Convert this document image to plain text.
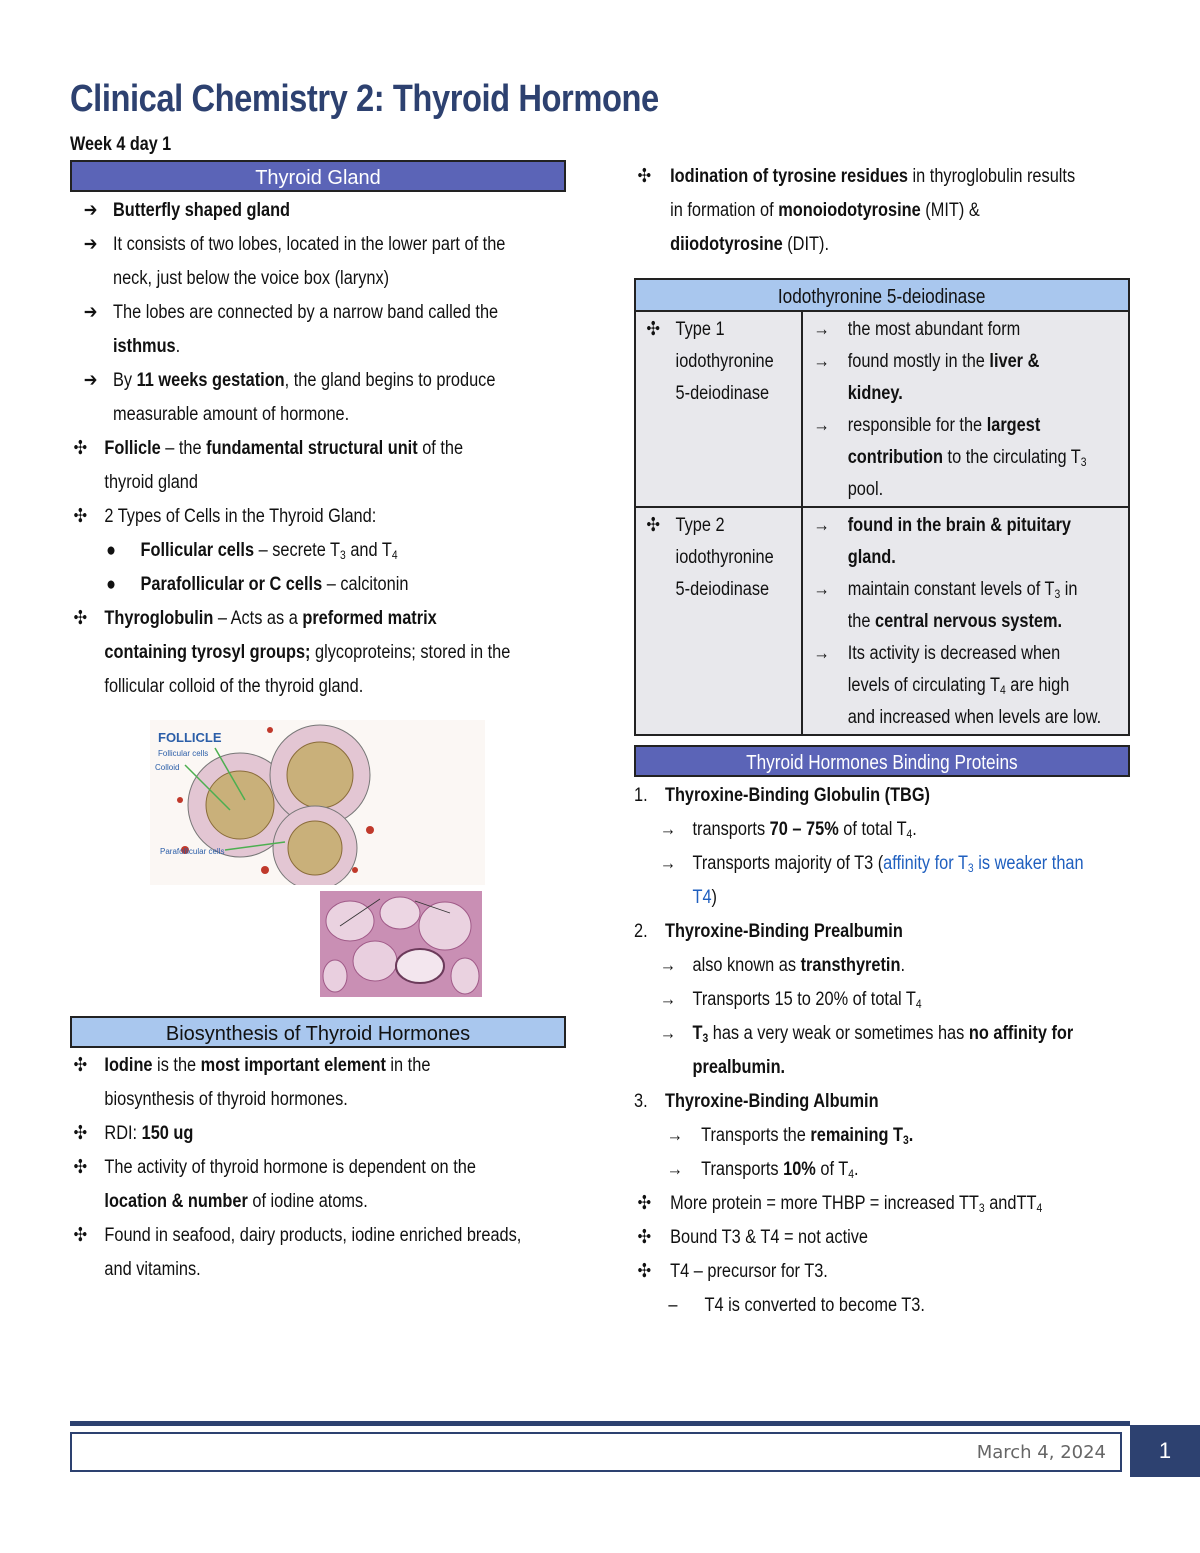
Clinical Chemistry 2: Thyroid Hormone
Week 4 day 1
Thyroid Gland
➔ Butterfly shaped gland
➔ It consists of two lobes, located in the lower part of the
neck, just below the voice box (larynx)
➔ The lobes are connected by a narrow band called the
isthmus.
➔ By 11 weeks gestation, the gland begins to produce
measurable amount of hormone.
✣ Follicle – the fundamental structural unit of the
thyroid gland
✣ 2 Types of Cells in the Thyroid Gland:
●	Follicular cells – secrete $T_3$ and $T_4$
●	Parafollicular or C cells – calcitonin
✣ Thyroglobulin – Acts as a preformed matrix
containing tyrosyl groups; glycoproteins; stored in the
follicular colloid of the thyroid gland.
FOLLICLE
Follicular cells
Colloid
Parafollicular cells
Biosynthesis of Thyroid Hormones
✣ Iodine is the most important element in the
biosynthesis of thyroid hormones.
✣ RDI: 150 ug
✣ The activity of thyroid hormone is dependent on the
location & number of iodine atoms.
✣ Found in seafood, dairy products, iodine enriched breads,
and vitamins.
✣ Iodination of tyrosine residues in thyroglobulin results
in formation of monoiodotyrosine (MIT) &
diiodotyrosine (DIT).
Iodothyronine 5-deiodinase
✣ Type 1
iodothyronine
5-deiodinase
→ the most abundant form
→ found mostly in the liver &
kidney.
→ responsible for the largest
contribution to the circulating $T_3$
pool.
✣ Type 2
iodothyronine
5-deiodinase
→ found in the brain & pituitary
gland.
→ maintain constant levels of $T_3$ in
the central nervous system.
→ Its activity is decreased when
levels of circulating $T_4$ are high
and increased when levels are low.
Thyroid Hormones Binding Proteins
1. Thyroxine-Binding Globulin (TBG)
→ transports 70 – 75% of total $T_4$.
→ Transports majority of T3 (affinity for $T_3$ is weaker than
T4)
2. Thyroxine-Binding Prealbumin
→ also known as transthyretin.
→ Transports 15 to 20% of total $T_4$
→ $T_3$ has a very weak or sometimes has no affinity for
prealbumin.
3. Thyroxine-Binding Albumin
→ Transports the remaining $T_3$.
→ Transports 10% of $T_4$.
✣ More protein = more THBP = increased $TT_3$ andTT$_4$
✣ Bound T3 & T4 = not active
✣ T4 – precursor for T3.
–	T4 is converted to become T3.
March 4, 2024	1
